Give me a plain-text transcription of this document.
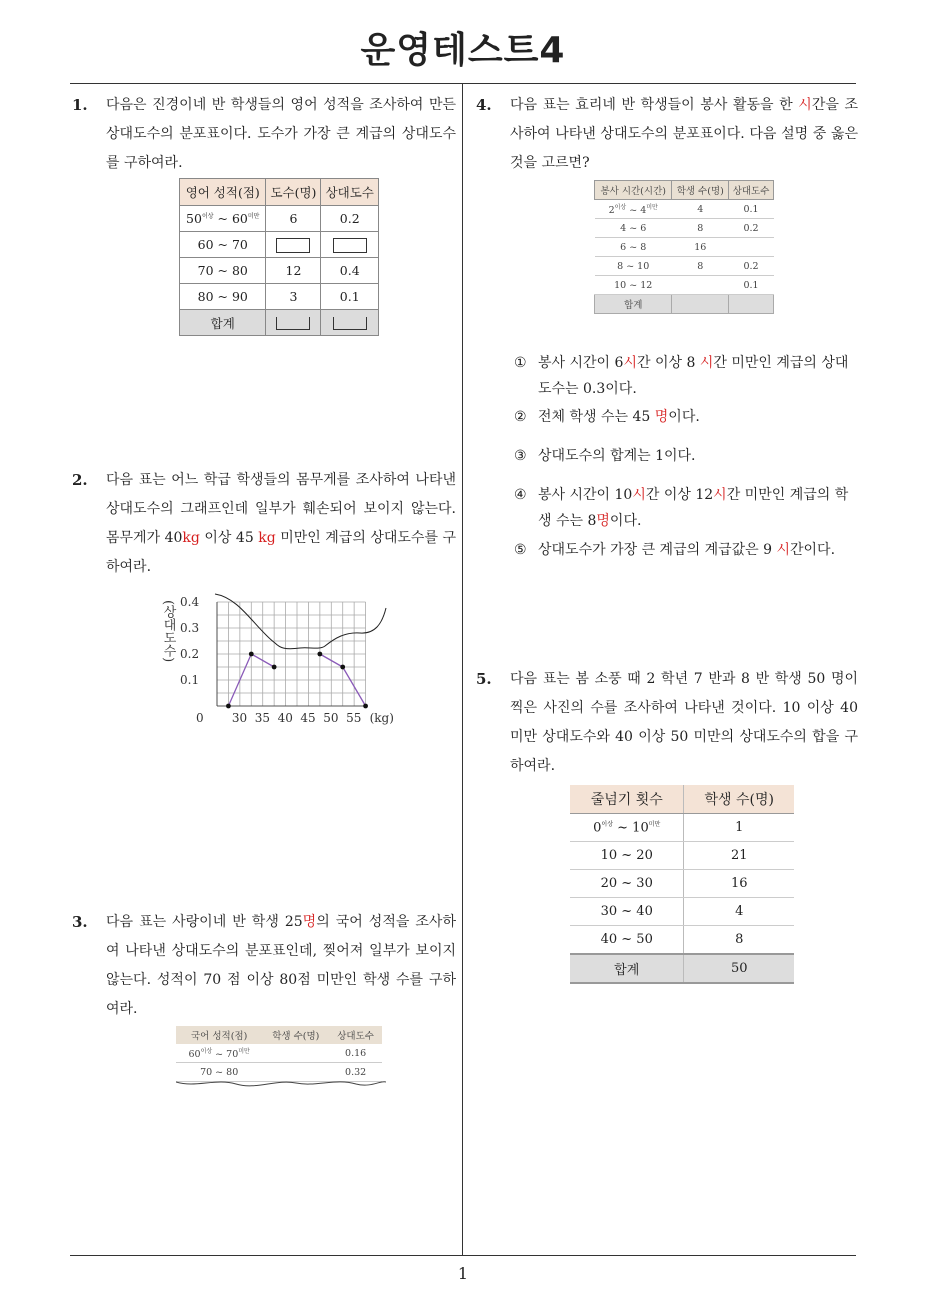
운영테스트4
1
1. 다음은 진경이네 반 학생들의 영어 성적을 조사하여 만든 상대도수의 분포표이다. 도수가 가장 큰 계급의 상대도수를 구하여라.
영어 성적(점)	도수(명)	상대도수
$50^{이상}$ ~ $60^{미만}$	6	0.2
60 ~ 70		
70 ~ 80	12	0.4
80 ~ 90	3	0.1
합계		
2. 다음 표는 어느 학급 학생들의 몸무게를 조사하여 나타낸 상대도수의 그래프인데 일부가 훼손되어 보이지 않는다. 몸무게가 40kg 이상 45 kg 미만인 계급의 상대도수를 구하여라.
(상대도수) 0.4
0.3
0.2
0.1
0 30 35 40 45 50 55 (kg)
3. 다음 표는 사랑이네 반 학생 25명의 국어 성적을 조사하여 나타낸 상대도수의 분포표인데, 찢어져 일부가 보이지 않는다. 성적이 70 점 이상 80점 미만인 학생 수를 구하여라.
국어 성적(점)	학생 수(명)	상대도수
$60^{이상}$ ~ $70^{미만}$		0.16
70 ~ 80		0.32
4. 다음 표는 효리네 반 학생들이 봉사 활동을 한 시간을 조사하여 나타낸 상대도수의 분포표이다. 다음 설명 중 옳은 것을 고르면?
봉사 시간(시간)	학생 수(명)	상대도수
$2^{이상}$ ~ $4^{미만}$	4	0.1
4 ~ 6	8	0.2
6 ~ 8	16	
8 ~ 10	8	0.2
10 ~ 12		0.1
합계		
① 봉사 시간이 6시간 이상 8 시간 미만인 계급의 상대도수는 0.3이다.
② 전체 학생 수는 45 명이다.
③ 상대도수의 합계는 1이다.
④ 봉사 시간이 10시간 이상 12시간 미만인 계급의 학생 수는 8명이다.
⑤ 상대도수가 가장 큰 계급의 계급값은 9 시간이다.
5. 다음 표는 봄 소풍 때 2 학년 7 반과 8 반 학생 50 명이 찍은 사진의 수를 조사하여 나타낸 것이다. 10 이상 40 미만 상대도수와 40 이상 50 미만의 상대도수의 합을 구하여라.
줄넘기 횟수	학생 수(명)
$0^{이상}$ ~ $10^{미만}$	1
10 ~ 20	21
20 ~ 30	16
30 ~ 40	4
40 ~ 50	8
합계	50
